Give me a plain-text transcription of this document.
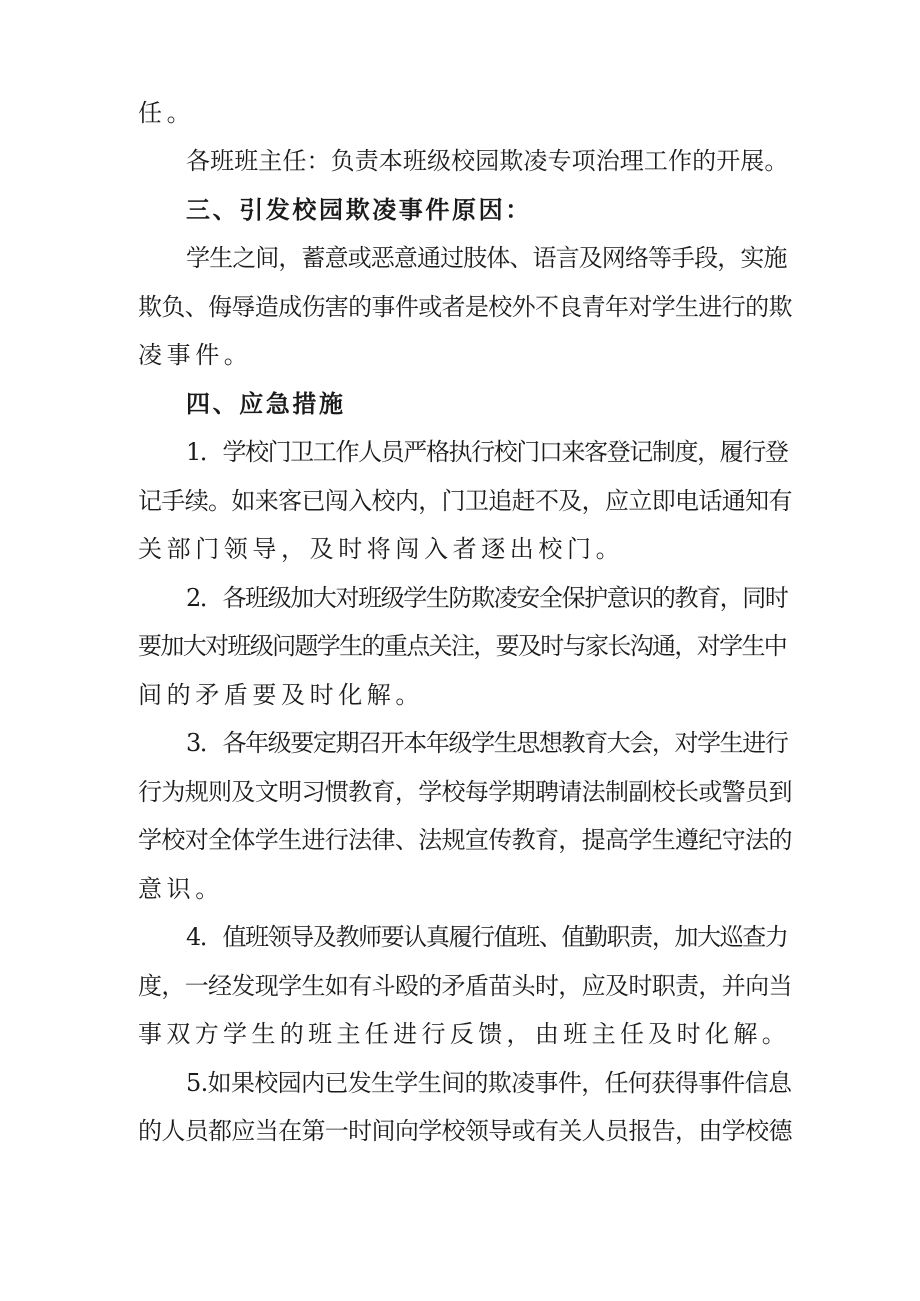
任。
各班班主任：负责本班级校园欺凌专项治理工作的开展。
三、引发校园欺凌事件原因：
学生之间，蓄意或恶意通过肢体、语言及网络等手段，实施
欺负、侮辱造成伤害的事件或者是校外不良青年对学生进行的欺
凌事件。
四、应急措施
1．学校门卫工作人员严格执行校门口来客登记制度，履行登
记手续。如来客已闯入校内，门卫追赶不及，应立即电话通知有
关部门领导，及时将闯入者逐出校门。
2．各班级加大对班级学生防欺凌安全保护意识的教育，同时
要加大对班级问题学生的重点关注，要及时与家长沟通，对学生中
间的矛盾要及时化解。
3．各年级要定期召开本年级学生思想教育大会，对学生进行
行为规则及文明习惯教育，学校每学期聘请法制副校长或警员到
学校对全体学生进行法律、法规宣传教育，提高学生遵纪守法的
意识。
4．值班领导及教师要认真履行值班、值勤职责，加大巡查力
度，一经发现学生如有斗殴的矛盾苗头时，应及时职责，并向当
事双方学生的班主任进行反馈，由班主任及时化解。
5.如果校园内已发生学生间的欺凌事件，任何获得事件信息
的人员都应当在第一时间向学校领导或有关人员报告，由学校德
